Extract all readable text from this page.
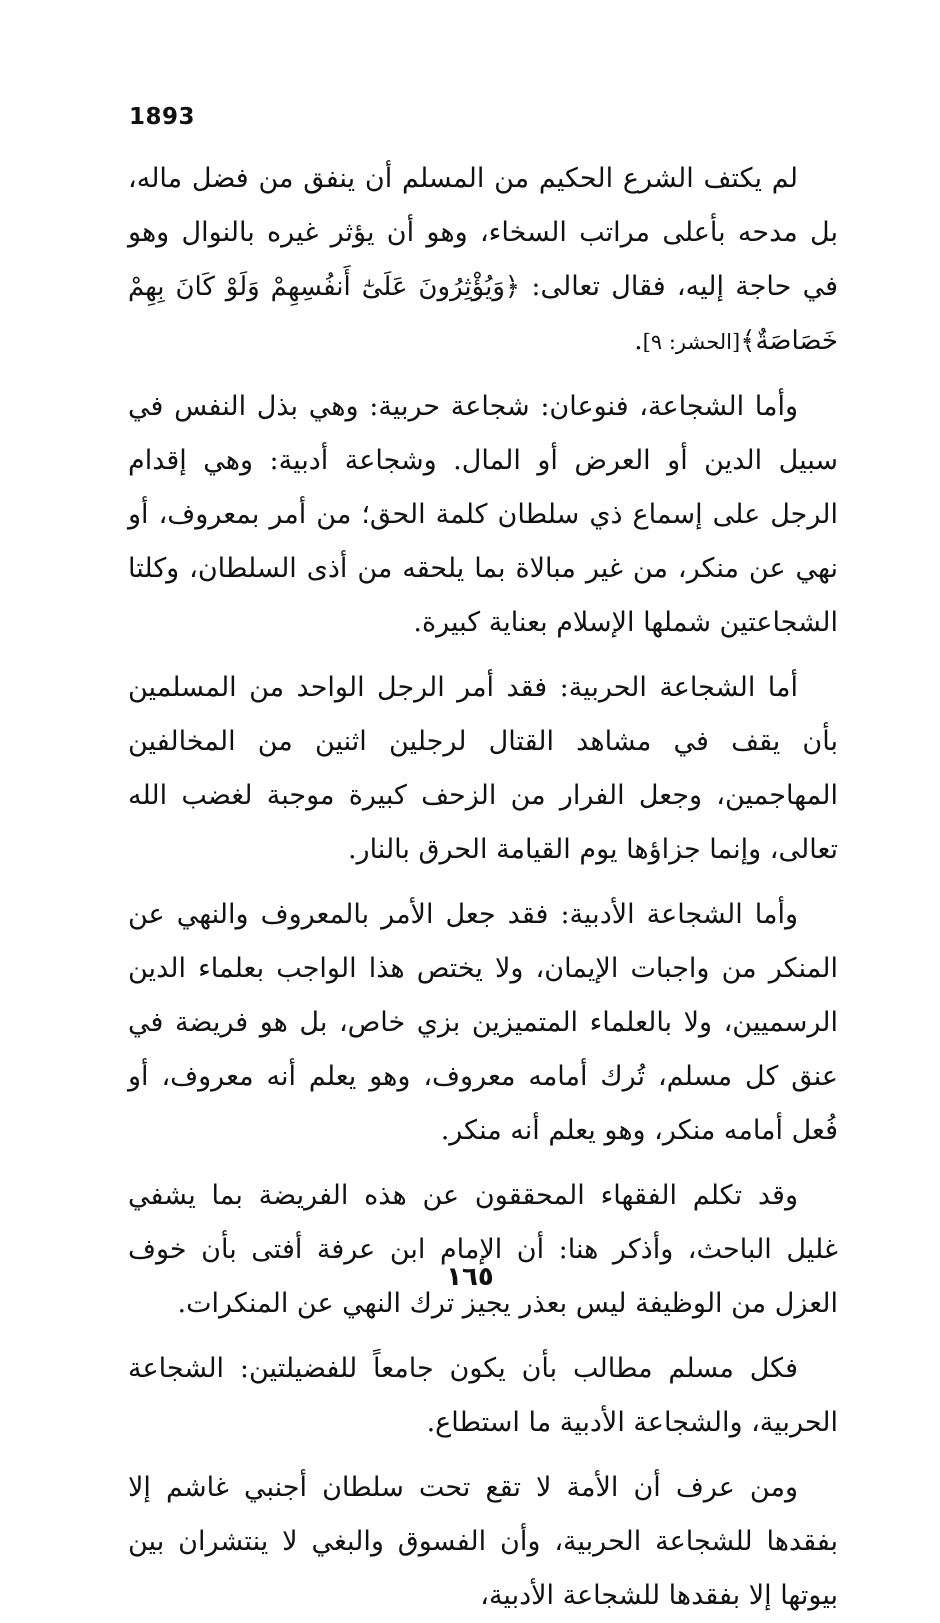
1893

لم يكتف الشرع الحكيم من المسلم أن ينفق من فضل ماله، بل مدحه بأعلى مراتب السخاء، وهو أن يؤثر غيره بالنوال وهو في حاجة إليه، فقال تعالى: ﴿وَيُؤْثِرُونَ عَلَىٰٓ أَنفُسِهِمْ وَلَوْ كَانَ بِهِمْ خَصَاصَةٌ﴾[الحشر: ٩].

وأما الشجاعة، فنوعان: شجاعة حربية: وهي بذل النفس في سبيل الدين أو العرض أو المال. وشجاعة أدبية: وهي إقدام الرجل على إسماع ذي سلطان كلمة الحق؛ من أمر بمعروف، أو نهي عن منكر، من غير مبالاة بما يلحقه من أذى السلطان، وكلتا الشجاعتين شملها الإسلام بعناية كبيرة.

أما الشجاعة الحربية: فقد أمر الرجل الواحد من المسلمين بأن يقف في مشاهد القتال لرجلين اثنين من المخالفين المهاجمين، وجعل الفرار من الزحف كبيرة موجبة لغضب الله تعالى، وإنما جزاؤها يوم القيامة الحرق بالنار.

وأما الشجاعة الأدبية: فقد جعل الأمر بالمعروف والنهي عن المنكر من واجبات الإيمان، ولا يختص هذا الواجب بعلماء الدين الرسميين، ولا بالعلماء المتميزين بزي خاص، بل هو فريضة في عنق كل مسلم، تُرك أمامه معروف، وهو يعلم أنه معروف، أو فُعل أمامه منكر، وهو يعلم أنه منكر.

وقد تكلم الفقهاء المحققون عن هذه الفريضة بما يشفي غليل الباحث، وأذكر هنا: أن الإمام ابن عرفة أفتى بأن خوف العزل من الوظيفة ليس بعذر يجيز ترك النهي عن المنكرات.

فكل مسلم مطالب بأن يكون جامعاً للفضيلتين: الشجاعة الحربية، والشجاعة الأدبية ما استطاع.

ومن عرف أن الأمة لا تقع تحت سلطان أجنبي غاشم إلا بفقدها للشجاعة الحربية، وأن الفسوق والبغي لا ينتشران بين بيوتها إلا بفقدها للشجاعة الأدبية،

١٦٥
